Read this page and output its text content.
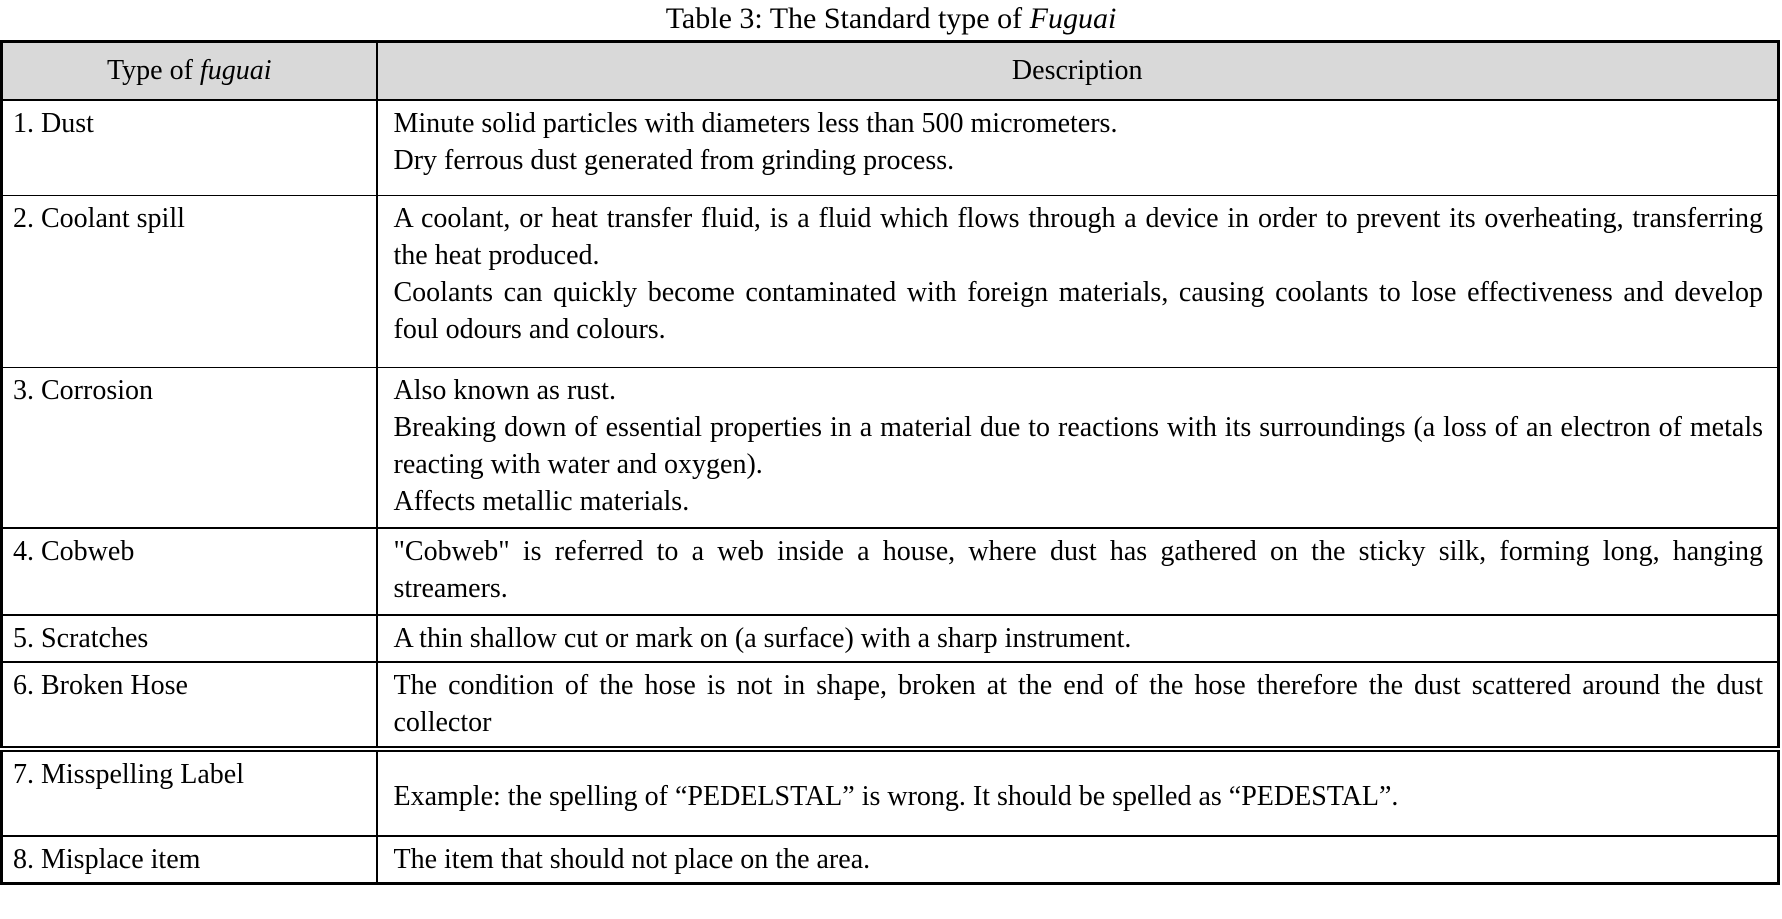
Table 3: The Standard type of Fuguai
Type of fuguai	Description
1. Dust	Minute solid particles with diameters less than 500 micrometers.

Dry ferrous dust generated from grinding process.

2. Coolant spill	A coolant, or heat transfer fluid, is a fluid which flows through a device in order to prevent its overheating, transferring the heat produced.

Coolants can quickly become contaminated with foreign materials, causing coolants to lose effectiveness and develop foul odours and colours.

3. Corrosion	Also known as rust.

Breaking down of essential properties in a material due to reactions with its surroundings (a loss of an electron of metals reacting with water and oxygen).

Affects metallic materials.

4. Cobweb	"Cobweb" is referred to a web inside a house, where dust has gathered on the sticky silk, forming long, hanging streamers.

5. Scratches	A thin shallow cut or mark on (a surface) with a sharp instrument.

6. Broken Hose	The condition of the hose is not in shape, broken at the end of the hose therefore the dust scattered around the dust collector

7. Misspelling Label	Example: the spelling of “PEDELSTAL” is wrong. It should be spelled as “PEDESTAL”.

8. Misplace item	The item that should not place on the area.
